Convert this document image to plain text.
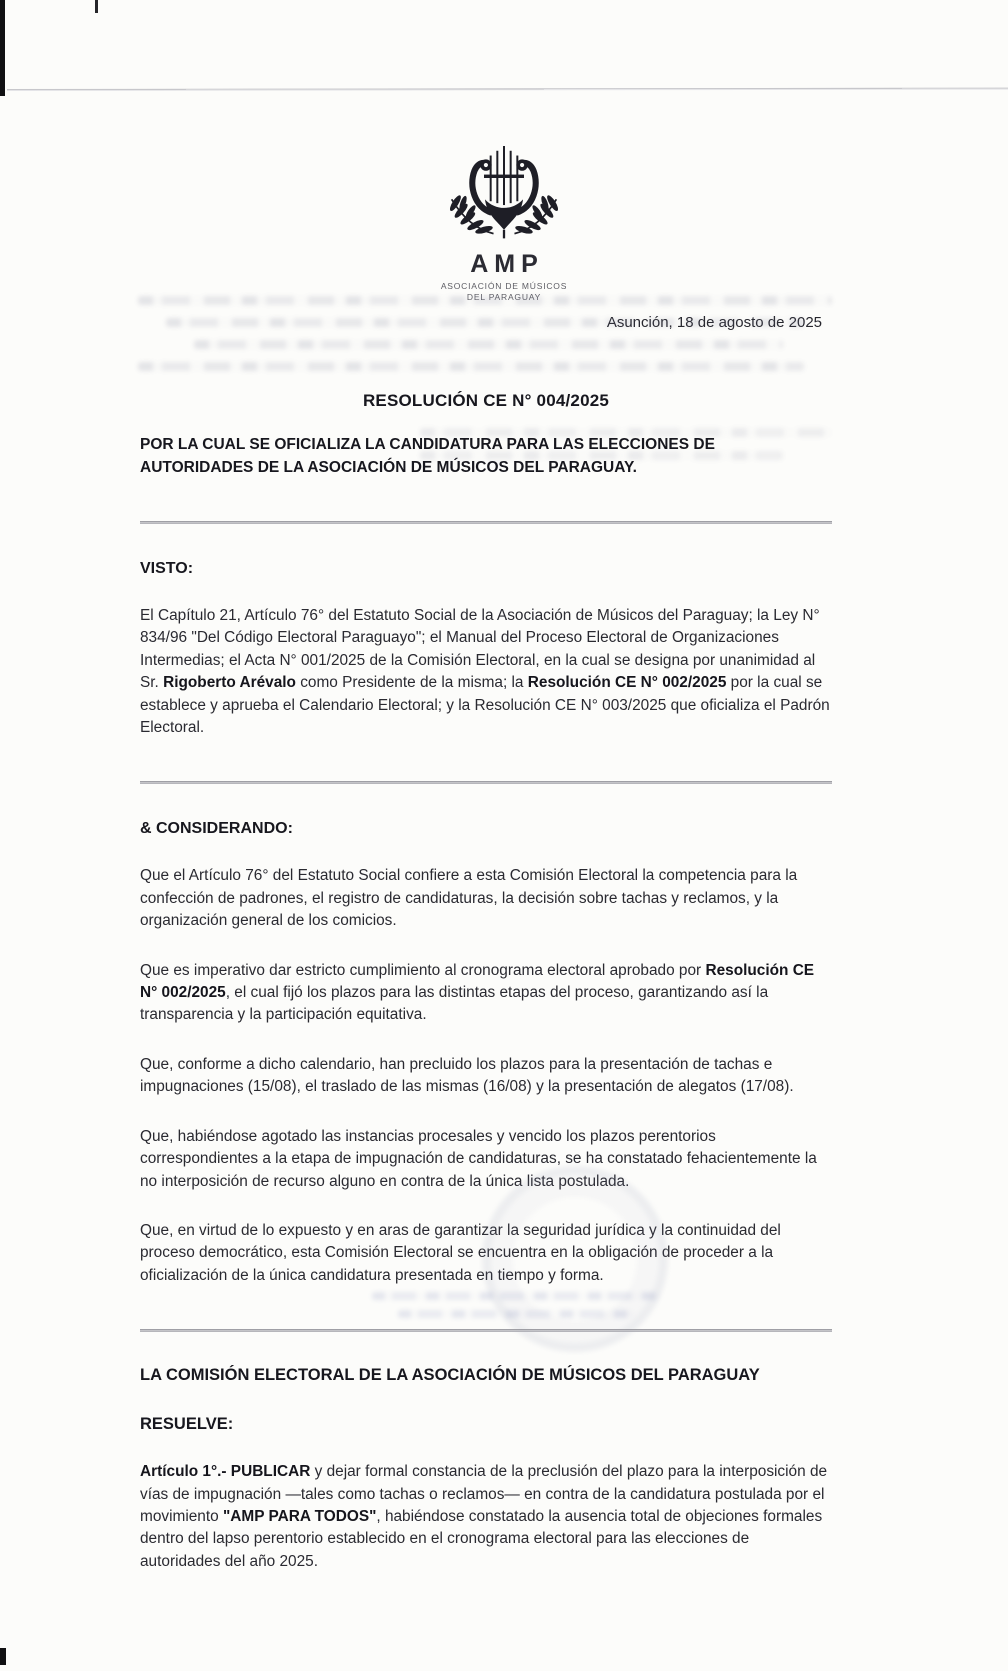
AMP
ASOCIACIÓN DE MÚSICOS
DEL PARAGUAY
Asunción, 18 de agosto de 2025
RESOLUCIÓN CE N° 004/2025
POR LA CUAL SE OFICIALIZA LA CANDIDATURA PARA LAS ELECCIONES DE AUTORIDADES DE LA ASOCIACIÓN DE MÚSICOS DEL PARAGUAY.
VISTO:

El Capítulo 21, Artículo 76° del Estatuto Social de la Asociación de Músicos del Paraguay; la Ley N° 834/96 "Del Código Electoral Paraguayo"; el Manual del Proceso Electoral de Organizaciones Intermedias; el Acta N° 001/2025 de la Comisión Electoral, en la cual se designa por unanimidad al Sr. Rigoberto Arévalo como Presidente de la misma; la Resolución CE N° 002/2025 por la cual se establece y aprueba el Calendario Electoral; y la Resolución CE N° 003/2025 que oficializa el Padrón Electoral.

& CONSIDERANDO:

Que el Artículo 76° del Estatuto Social confiere a esta Comisión Electoral la competencia para la confección de padrones, el registro de candidaturas, la decisión sobre tachas y reclamos, y la organización general de los comicios.

Que es imperativo dar estricto cumplimiento al cronograma electoral aprobado por Resolución CE N° 002/2025, el cual fijó los plazos para las distintas etapas del proceso, garantizando así la transparencia y la participación equitativa.

Que, conforme a dicho calendario, han precluido los plazos para la presentación de tachas e impugnaciones (15/08), el traslado de las mismas (16/08) y la presentación de alegatos (17/08).

Que, habiéndose agotado las instancias procesales y vencido los plazos perentorios correspondientes a la etapa de impugnación de candidaturas, se ha constatado fehacientemente la no interposición de recurso alguno en contra de la única lista postulada.

Que, en virtud de lo expuesto y en aras de garantizar la seguridad jurídica y la continuidad del proceso democrático, esta Comisión Electoral se encuentra en la obligación de proceder a la oficialización de la única candidatura presentada en tiempo y forma.

LA COMISIÓN ELECTORAL DE LA ASOCIACIÓN DE MÚSICOS DEL PARAGUAY
RESUELVE:

Artículo 1°.- PUBLICAR y dejar formal constancia de la preclusión del plazo para la interposición de vías de impugnación —tales como tachas o reclamos— en contra de la candidatura postulada por el movimiento "AMP PARA TODOS", habiéndose constatado la ausencia total de objeciones formales dentro del lapso perentorio establecido en el cronograma electoral para las elecciones de autoridades del año 2025.
